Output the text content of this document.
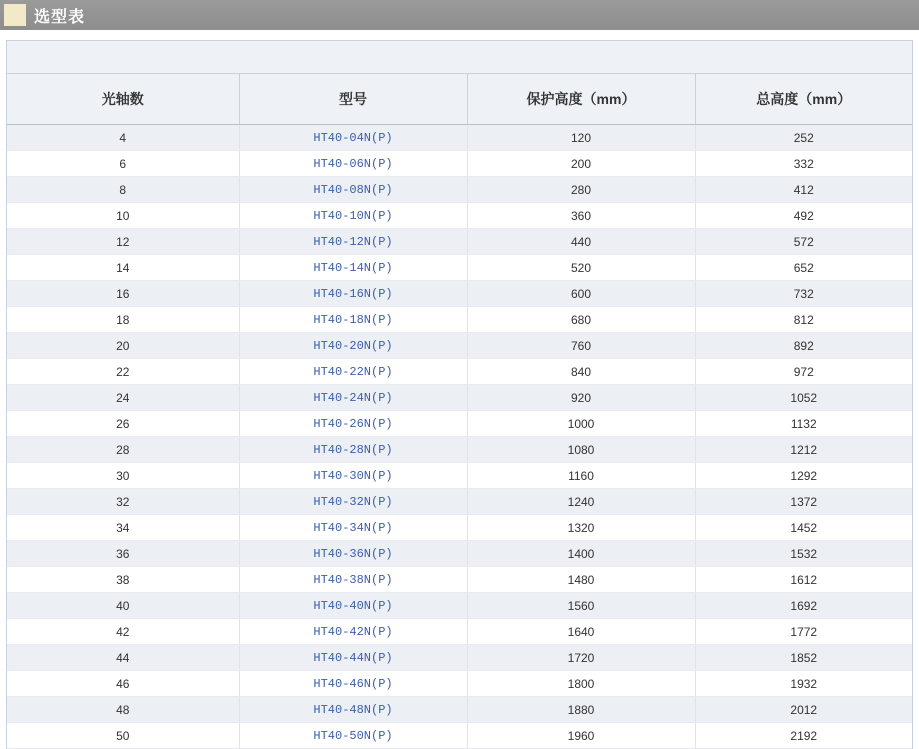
选型表
光轴数	型号	保护高度（mm）	总高度（mm）
4	HT40-04N(P)	120	252
6	HT40-06N(P)	200	332
8	HT40-08N(P)	280	412
10	HT40-10N(P)	360	492
12	HT40-12N(P)	440	572
14	HT40-14N(P)	520	652
16	HT40-16N(P)	600	732
18	HT40-18N(P)	680	812
20	HT40-20N(P)	760	892
22	HT40-22N(P)	840	972
24	HT40-24N(P)	920	1052
26	HT40-26N(P)	1000	1132
28	HT40-28N(P)	1080	1212
30	HT40-30N(P)	1160	1292
32	HT40-32N(P)	1240	1372
34	HT40-34N(P)	1320	1452
36	HT40-36N(P)	1400	1532
38	HT40-38N(P)	1480	1612
40	HT40-40N(P)	1560	1692
42	HT40-42N(P)	1640	1772
44	HT40-44N(P)	1720	1852
46	HT40-46N(P)	1800	1932
48	HT40-48N(P)	1880	2012
50	HT40-50N(P)	1960	2192
